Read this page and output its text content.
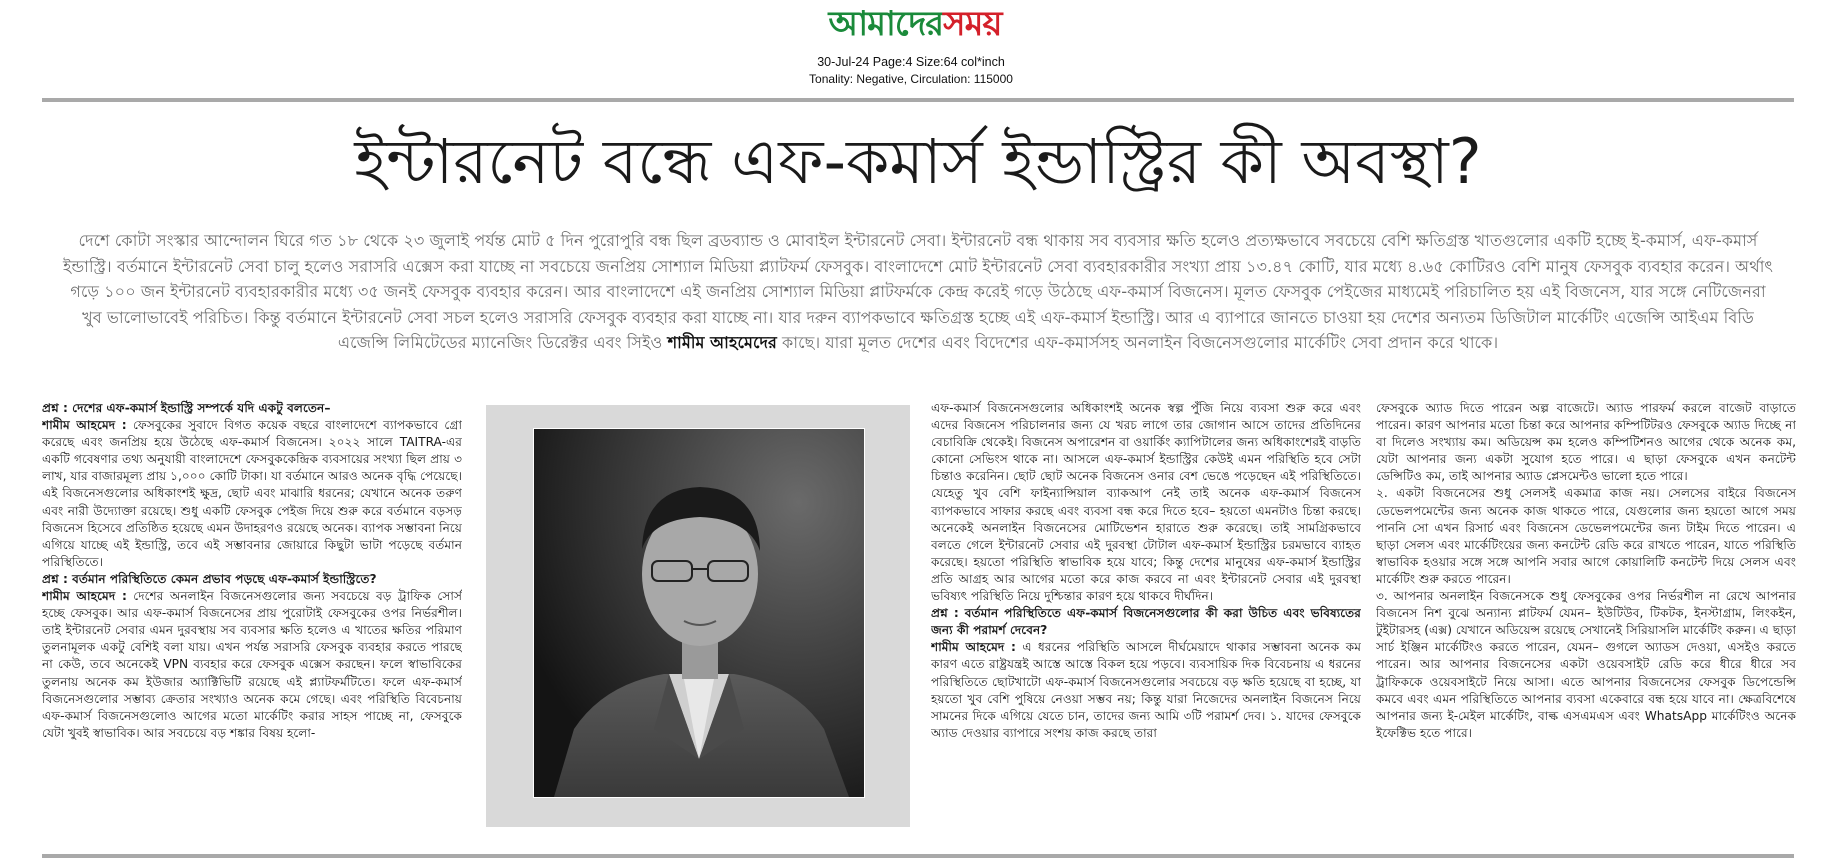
আমাদেরসময়
30-Jul-24 Page:4 Size:64 col*inch
Tonality: Negative, Circulation: 115000
ইন্টারনেট বন্ধে এফ-কমার্স ইন্ডাস্ট্রির কী অবস্থা?
দেশে কোটা সংস্কার আন্দোলন ঘিরে গত ১৮ থেকে ২৩ জুলাই পর্যন্ত মোট ৫ দিন পুরোপুরি বন্ধ ছিল ব্রডব্যান্ড ও মোবাইল ইন্টারনেট সেবা। ইন্টারনেট বন্ধ থাকায় সব ব্যবসার ক্ষতি হলেও প্রত্যক্ষভাবে সবচেয়ে বেশি ক্ষতিগ্রস্ত খাতগুলোর একটি হচ্ছে ই-কমার্স, এফ-কমার্স ইন্ডাস্ট্রি। বর্তমানে ইন্টারনেট সেবা চালু হলেও সরাসরি এক্সেস করা যাচ্ছে না সবচেয়ে জনপ্রিয় সোশ্যাল মিডিয়া প্ল্যাটফর্ম ফেসবুক। বাংলাদেশে মোট ইন্টারনেট সেবা ব্যবহারকারীর সংখ্যা প্রায় ১৩.৪৭ কোটি, যার মধ্যে ৪.৬৫ কোটিরও বেশি মানুষ ফেসবুক ব্যবহার করেন। অর্থাৎ গড়ে ১০০ জন ইন্টারনেট ব্যবহারকারীর মধ্যে ৩৫ জনই ফেসবুক ব্যবহার করেন। আর বাংলাদেশে এই জনপ্রিয় সোশ্যাল মিডিয়া প্লাটফর্মকে কেন্দ্র করেই গড়ে উঠেছে এফ-কমার্স বিজনেস। মূলত ফেসবুক পেইজের মাধ্যমেই পরিচালিত হয় এই বিজনেস, যার সঙ্গে নেটিজেনরা খুব ভালোভাবেই পরিচিত। কিন্তু বর্তমানে ইন্টারনেট সেবা সচল হলেও সরাসরি ফেসবুক ব্যবহার করা যাচ্ছে না। যার দরুন ব্যাপকভাবে ক্ষতিগ্রস্ত হচ্ছে এই এফ-কমার্স ইন্ডাস্ট্রি। আর এ ব্যাপারে জানতে চাওয়া হয় দেশের অন্যতম ডিজিটাল মার্কেটিং এজেন্সি আইএম বিডি এজেন্সি লিমিটেডের ম্যানেজিং ডিরেক্টর এবং সিইও শামীম আহমেদের কাছে। যারা মূলত দেশের এবং বিদেশের এফ-কমার্সসহ অনলাইন বিজনেসগুলোর মার্কেটিং সেবা প্রদান করে থাকে।

প্রশ্ন : দেশের এফ-কমার্স ইন্ডাস্ট্রি সম্পর্কে যদি একটু বলতেন–

শামীম আহমেদ : ফেসবুকের সুবাদে বিগত কয়েক বছরে বাংলাদেশে ব্যাপকভাবে গ্রো করেছে এবং জনপ্রিয় হয়ে উঠেছে এফ-কমার্স বিজনেস। ২০২২ সালে TAITRA-এর একটি গবেষণার তথ্য অনুযায়ী বাংলাদেশে ফেসবুককেন্দ্রিক ব্যবসায়ের সংখ্যা ছিল প্রায় ৩ লাখ, যার বাজারমূল্য প্রায় ১,০০০ কোটি টাকা। যা বর্তমানে আরও অনেক বৃদ্ধি পেয়েছে। এই বিজনেসগুলোর অধিকাংশই ক্ষুদ্র, ছোট এবং মাঝারি ধরনের; যেখানে অনেক তরুণ এবং নারী উদ্যোক্তা রয়েছে। শুধু একটি ফেসবুক পেইজ দিয়ে শুরু করে বর্তমানে বড়সড় বিজনেস হিসেবে প্রতিষ্ঠিত হয়েছে এমন উদাহরণও রয়েছে অনেক। ব্যাপক সম্ভাবনা নিয়ে এগিয়ে যাচ্ছে এই ইন্ডাস্ট্রি, তবে এই সম্ভাবনার জোয়ারে কিছুটা ভাটা পড়েছে বর্তমান পরিস্থিতিতে।

প্রশ্ন : বর্তমান পরিস্থিতিতে কেমন প্রভাব পড়ছে এফ-কমার্স ইন্ডাস্ট্রিতে?

শামীম আহমেদ : দেশের অনলাইন বিজনেসগুলোর জন্য সবচেয়ে বড় ট্রাফিক সোর্স হচ্ছে ফেসবুক। আর এফ-কমার্স বিজনেসের প্রায় পুরোটাই ফেসবুকের ওপর নির্ভরশীল। তাই ইন্টারনেট সেবার এমন দুরবস্থায় সব ব্যবসার ক্ষতি হলেও এ খাতের ক্ষতির পরিমাণ তুলনামূলক একটু বেশিই বলা যায়। এখন পর্যন্ত সরাসরি ফেসবুক ব্যবহার করতে পারছে না কেউ, তবে অনেকেই VPN ব্যবহার করে ফেসবুক এক্সেস করছেন। ফলে স্বাভাবিকের তুলনায় অনেক কম ইউজার অ্যাক্টিভিটি রয়েছে এই প্ল্যাটফর্মটিতে। ফলে এফ-কমার্স বিজনেসগুলোর সম্ভাব্য ক্রেতার সংখ্যাও অনেক কমে গেছে। এবং পরিস্থিতি বিবেচনায় এফ-কমার্স বিজনেসগুলোও আগের মতো মার্কেটিং করার সাহস পাচ্ছে না, ফেসবুকে যেটা খুবই স্বাভাবিক। আর সবচেয়ে বড় শঙ্কার বিষয় হলো-

এফ-কমার্স বিজনেসগুলোর অধিকাংশই অনেক স্বল্প পুঁজি নিয়ে ব্যবসা শুরু করে এবং এদের বিজনেস পরিচালনার জন্য যে খরচ লাগে তার জোগান আসে তাদের প্রতিদিনের বেচাবিক্রি থেকেই। বিজনেস অপারেশন বা ওয়ার্কিং ক্যাপিটালের জন্য অধিকাংশেরই বাড়তি কোনো সেভিংস থাকে না। আসলে এফ-কমার্স ইন্ডাস্ট্রির কেউই এমন পরিস্থিতি হবে সেটা চিন্তাও করেনিন। ছোট ছোট অনেক বিজনেস ওনার বেশ ভেঙে পড়েছেন এই পরিস্থিতিতে। যেহেতু খুব বেশি ফাইন্যান্সিয়াল ব্যাকআপ নেই তাই অনেক এফ-কমার্স বিজনেস ব্যাপকভাবে সাফার করছে এবং ব্যবসা বন্ধ করে দিতে হবে– হয়তো এমনটাও চিন্তা করছে। অনেকেই অনলাইন বিজনেসের মোটিভেশন হারাতে শুরু করেছে। তাই সামগ্রিকভাবে বলতে গেলে ইন্টারনেট সেবার এই দুরবস্থা টোটাল এফ-কমার্স ইন্ডাস্ট্রির চরমভাবে ব্যাহত করেছে। হয়তো পরিস্থিতি স্বাভাবিক হয়ে যাবে; কিন্তু দেশের মানুষের এফ-কমার্স ইন্ডাস্ট্রির প্রতি আগ্রহ আর আগের মতো করে কাজ করবে না এবং ইন্টারনেট সেবার এই দুরবস্থা ভবিষ্যৎ পরিস্থিতি নিয়ে দুশ্চিন্তার কারণ হয়ে থাকবে দীর্ঘদিন।

প্রশ্ন : বর্তমান পরিস্থিতিতে এফ-কমার্স বিজনেসগুলোর কী করা উচিত এবং ভবিষ্যতের জন্য কী পরামর্শ দেবেন?

শামীম আহমেদ : এ ধরনের পরিস্থিতি আসলে দীর্ঘমেয়াদে থাকার সম্ভাবনা অনেক কম কারণ এতে রাষ্ট্রযন্ত্রই আস্তে আস্তে বিকল হয়ে পড়বে। ব্যবসায়িক দিক বিবেচনায় এ ধরনের পরিস্থিতিতে ছোটখাটো এফ-কমার্স বিজনেসগুলোর সবচেয়ে বড় ক্ষতি হয়েছে বা হচ্ছে, যা হয়তো খুব বেশি পুষিয়ে নেওয়া সম্ভব নয়; কিন্তু যারা নিজেদের অনলাইন বিজনেস নিয়ে সামনের দিকে এগিয়ে যেতে চান, তাদের জন্য আমি ৩টি পরামর্শ দেব। ১. যাদের ফেসবুকে অ্যাড দেওয়ার ব্যাপারে সংশয় কাজ করছে তারা

ফেসবুকে অ্যাড দিতে পারেন অল্প বাজেটে। অ্যাড পারফর্ম করলে বাজেট বাড়াতে পারেন। কারণ আপনার মতো চিন্তা করে আপনার কম্পিটিটরও ফেসবুকে অ্যাড দিচ্ছে না বা দিলেও সংখ্যায় কম। অডিয়েন্স কম হলেও কম্পিটিশনও আগের থেকে অনেক কম, যেটা আপনার জন্য একটা সুযোগ হতে পারে। এ ছাড়া ফেসবুকে এখন কনটেন্ট ডেন্সিটিও কম, তাই আপনার অ্যাড প্লেসমেন্টও ভালো হতে পারে।

২. একটা বিজনেসের শুধু সেলসই একমাত্র কাজ নয়। সেলসের বাইরে বিজনেস ডেভেলপমেন্টের জন্য অনেক কাজ থাকতে পারে, যেগুলোর জন্য হয়তো আগে সময় পাননি সো এখন রিসার্চ এবং বিজনেস ডেভেলপমেন্টের জন্য টাইম দিতে পারেন। এ ছাড়া সেলস এবং মার্কেটিংয়ের জন্য কনটেন্ট রেডি করে রাখতে পারেন, যাতে পরিস্থিতি স্বাভাবিক হওয়ার সঙ্গে সঙ্গে আপনি সবার আগে কোয়ালিটি কনটেন্ট দিয়ে সেলস এবং মার্কেটিং শুরু করতে পারেন।

৩. আপনার অনলাইন বিজনেসকে শুধু ফেসবুকের ওপর নির্ভরশীল না রেখে আপনার বিজনেস নিশ বুঝে অন্যান্য প্লাটফর্ম যেমন– ইউটিউব, টিকটক, ইনস্টাগ্রাম, লিংকইন, টুইটারসহ (এক্স) যেখানে অডিয়েন্স রয়েছে সেখানেই সিরিয়াসলি মার্কেটিং করুন। এ ছাড়া সার্চ ইঞ্জিন মার্কেটিংও করতে পারেন, যেমন– গুগলে অ্যাডস দেওয়া, এসইও করতে পারেন। আর আপনার বিজনেসের একটা ওয়েবসাইট রেডি করে ধীরে ধীরে সব ট্রাফিককে ওয়েবসাইটে নিয়ে আসা। এতে আপনার বিজনেসের ফেসবুক ডিপেন্ডেন্সি কমবে এবং এমন পরিস্থিতিতে আপনার ব্যবসা একেবারে বন্ধ হয়ে যাবে না। ক্ষেত্রবিশেষে আপনার জন্য ই-মেইল মার্কেটিং, বাল্ক এসএমএস এবং WhatsApp মার্কেটিংও অনেক ইফেক্টিভ হতে পারে।
